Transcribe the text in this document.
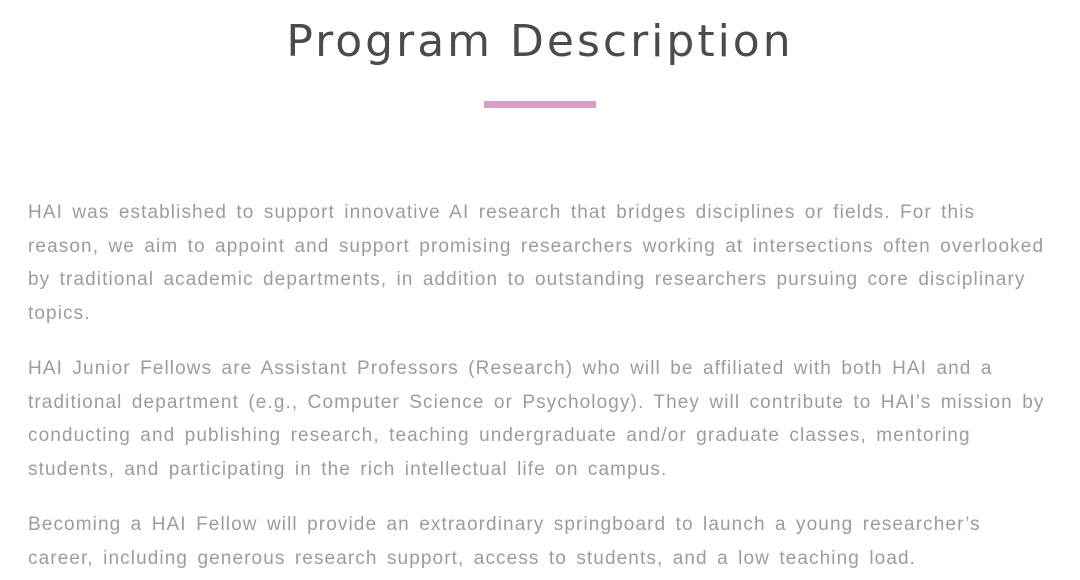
Program Description

HAI was established to support innovative AI research that bridges disciplines or fields. For this reason, we aim to appoint and support promising researchers working at intersections often overlooked by traditional academic departments, in addition to outstanding researchers pursuing core disciplinary topics.

HAI Junior Fellows are Assistant Professors (Research) who will be affiliated with both HAI and a traditional department (e.g., Computer Science or Psychology). They will contribute to HAI’s mission by conducting and publishing research, teaching undergraduate and/or graduate classes, mentoring students, and participating in the rich intellectual life on campus.

Becoming a HAI Fellow will provide an extraordinary springboard to launch a young researcher’s career, including generous research support, access to students, and a low teaching load.
